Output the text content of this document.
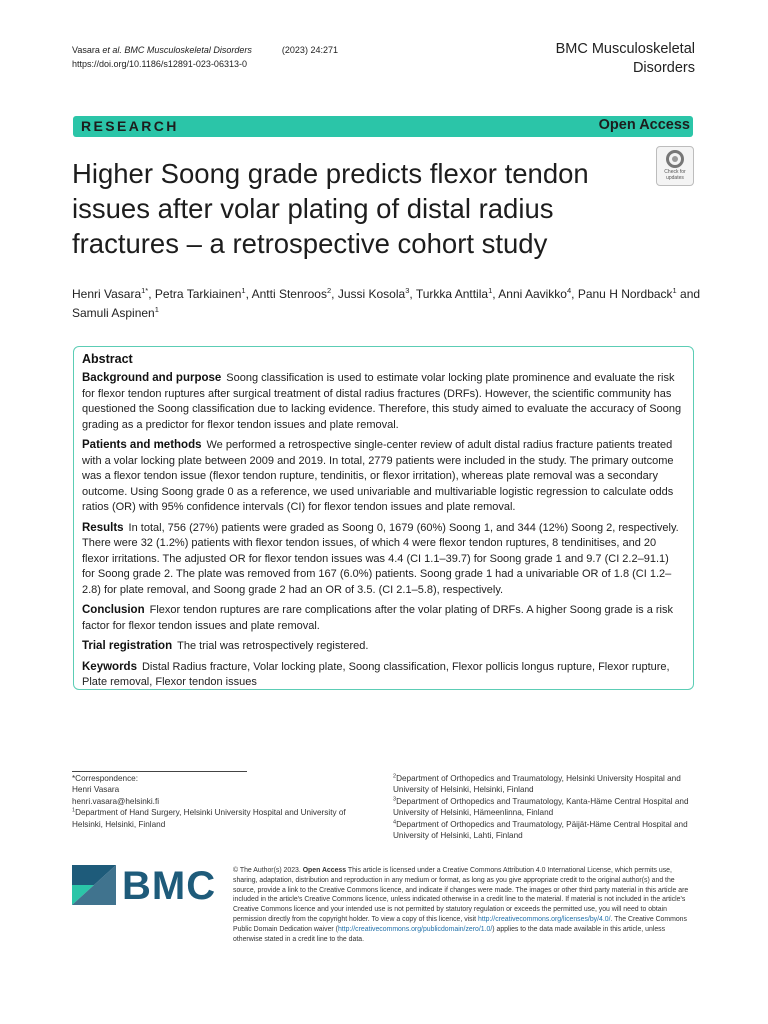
Vasara et al. BMC Musculoskeletal Disorders	(2023) 24:271
https://doi.org/10.1186/s12891-023-06313-0
BMC Musculoskeletal
Disorders
RESEARCH	Open Access
Higher Soong grade predicts flexor tendon issues after volar plating of distal radius fractures – a retrospective cohort study
Check for updates
Henri Vasara$^{1*}$, Petra Tarkiainen$^1$, Antti Stenroos$^2$, Jussi Kosola$^3$, Turkka Anttila$^1$, Anni Aavikko$^4$, Panu H Nordback$^1$ and Samuli Aspinen$^1$
Abstract
Background and purpose Soong classification is used to estimate volar locking plate prominence and evaluate the risk for flexor tendon ruptures after surgical treatment of distal radius fractures (DRFs). However, the scientific community has questioned the Soong classification due to lacking evidence. Therefore, this study aimed to evaluate the accuracy of Soong grading as a predictor for flexor tendon issues and plate removal.
Patients and methods We performed a retrospective single-center review of adult distal radius fracture patients treated with a volar locking plate between 2009 and 2019. In total, 2779 patients were included in the study. The primary outcome was a flexor tendon issue (flexor tendon rupture, tendinitis, or flexor irritation), whereas plate removal was a secondary outcome. Using Soong grade 0 as a reference, we used univariable and multivariable logistic regression to calculate odds ratios (OR) with 95% confidence intervals (CI) for flexor tendon issues and plate removal.
Results In total, 756 (27%) patients were graded as Soong 0, 1679 (60%) Soong 1, and 344 (12%) Soong 2, respectively. There were 32 (1.2%) patients with flexor tendon issues, of which 4 were flexor tendon ruptures, 8 tendinitises, and 20 flexor irritations. The adjusted OR for flexor tendon issues was 4.4 (CI 1.1–39.7) for Soong grade 1 and 9.7 (CI 2.2–91.1) for Soong grade 2. The plate was removed from 167 (6.0%) patients. Soong grade 1 had a univariable OR of 1.8 (CI 1.2–2.8) for plate removal, and Soong grade 2 had an OR of 3.5. (CI 2.1–5.8), respectively.
Conclusion Flexor tendon ruptures are rare complications after the volar plating of DRFs. A higher Soong grade is a risk factor for flexor tendon issues and plate removal.
Trial registration The trial was retrospectively registered.
Keywords Distal Radius fracture, Volar locking plate, Soong classification, Flexor pollicis longus rupture, Flexor rupture, Plate removal, Flexor tendon issues
*Correspondence:
Henri Vasara
henri.vasara@helsinki.fi
$^1$Department of Hand Surgery, Helsinki University Hospital and University of Helsinki, Helsinki, Finland
$^2$Department of Orthopedics and Traumatology, Helsinki University Hospital and University of Helsinki, Helsinki, Finland
$^3$Department of Orthopedics and Traumatology, Kanta-Häme Central Hospital and University of Helsinki, Hämeenlinna, Finland
$^4$Department of Orthopedics and Traumatology, Päijät-Häme Central Hospital and University of Helsinki, Lahti, Finland
BMC © The Author(s) 2023. Open Access This article is licensed under a Creative Commons Attribution 4.0 International License, which permits use, sharing, adaptation, distribution and reproduction in any medium or format, as long as you give appropriate credit to the original author(s) and the source, provide a link to the Creative Commons licence, and indicate if changes were made. The images or other third party material in this article are included in the article's Creative Commons licence, unless indicated otherwise in a credit line to the material. If material is not included in the article's Creative Commons licence and your intended use is not permitted by statutory regulation or exceeds the permitted use, you will need to obtain permission directly from the copyright holder. To view a copy of this licence, visit http://creativecommons.org/licenses/by/4.0/. The Creative Commons Public Domain Dedication waiver (http://creativecommons.org/publicdomain/zero/1.0/) applies to the data made available in this article, unless otherwise stated in a credit line to the data.
